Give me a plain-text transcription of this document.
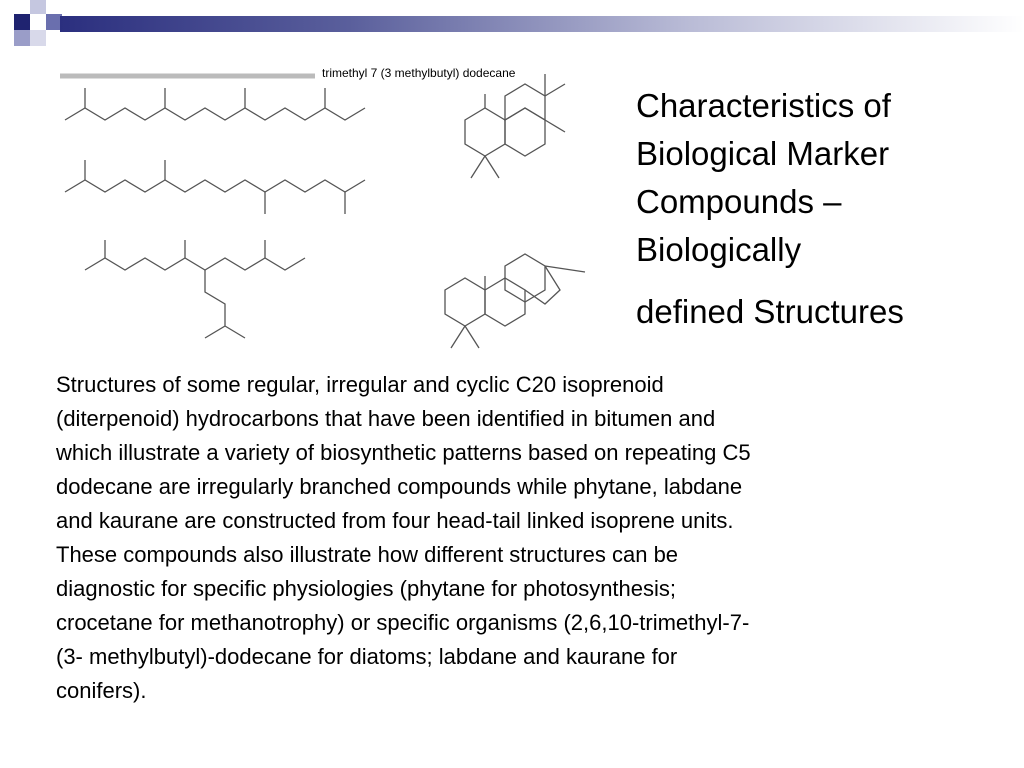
trimethyl 7 (3 methylbutyl) dodecane
Characteristics of
Biological Marker
Compounds –
Biologically
defined Structures
Structures of some regular, irregular and cyclic C20 isoprenoid
(diterpenoid) hydrocarbons that have been identified in bitumen and
which illustrate a variety of biosynthetic patterns based on repeating C5
dodecane are irregularly branched compounds while phytane, labdane
and kaurane are constructed from four head-tail linked isoprene units.
These compounds also illustrate how different structures can be
diagnostic for specific physiologies (phytane for photosynthesis;
crocetane for methanotrophy) or specific organisms (2,6,10-trimethyl-7-
(3- methylbutyl)-dodecane for diatoms; labdane and kaurane for
conifers).
